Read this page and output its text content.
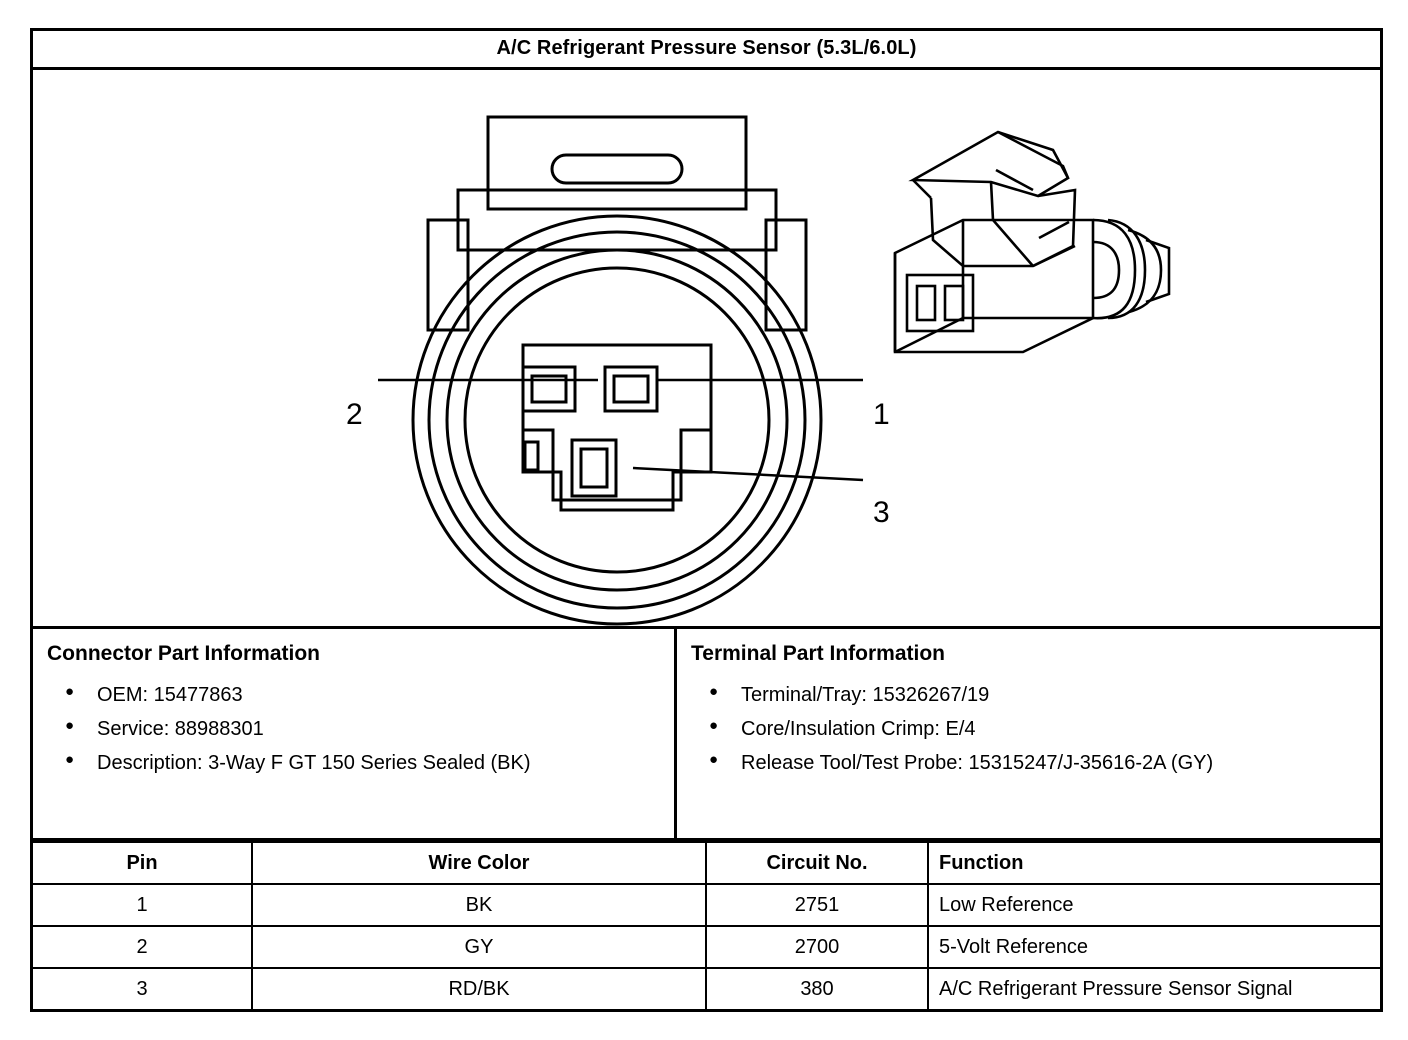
A/C Refrigerant Pressure Sensor (5.3L/6.0L)
2	1
3
Connector Part Information
● OEM: 15477863
● Service: 88988301
● Description: 3-Way F GT 150 Series Sealed (BK)
Terminal Part Information
● Terminal/Tray: 15326267/19
● Core/Insulation Crimp: E/4
● Release Tool/Test Probe: 15315247/J-35616-2A (GY)
Pin	Wire Color	Circuit No.	Function
1	BK	2751	Low Reference
2	GY	2700	5-Volt Reference
3	RD/BK	380	A/C Refrigerant Pressure Sensor Signal
